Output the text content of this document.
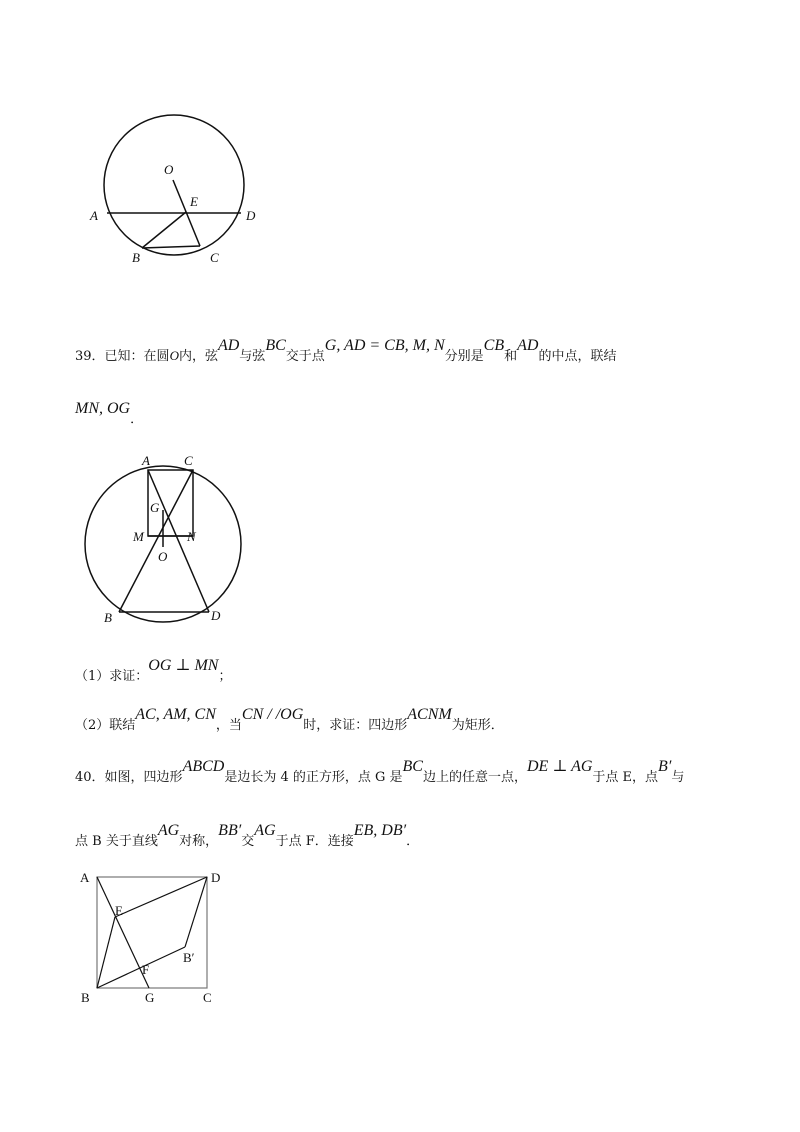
O
E
A	D
B	C
39．已知：在圆O内，弦AD与弦BC交于点G, AD = CB, M, N分别是CB和AD的中点，联结
MN, OG．
A	C
G
M	N
O
B	D
（1）求证：OG ⊥ MN；
（2）联结AC, AM, CN，当CN / /OG时，求证：四边形ACNM为矩形．
40．如图，四边形ABCD是边长为 4 的正方形，点 G 是BC边上的任意一点，DE ⊥ AG于点 E，点B′与
点 B 关于直线AG对称，BB′交AG于点 F．连接EB, DB′．
A	D
E
B′
F
B	G	C
